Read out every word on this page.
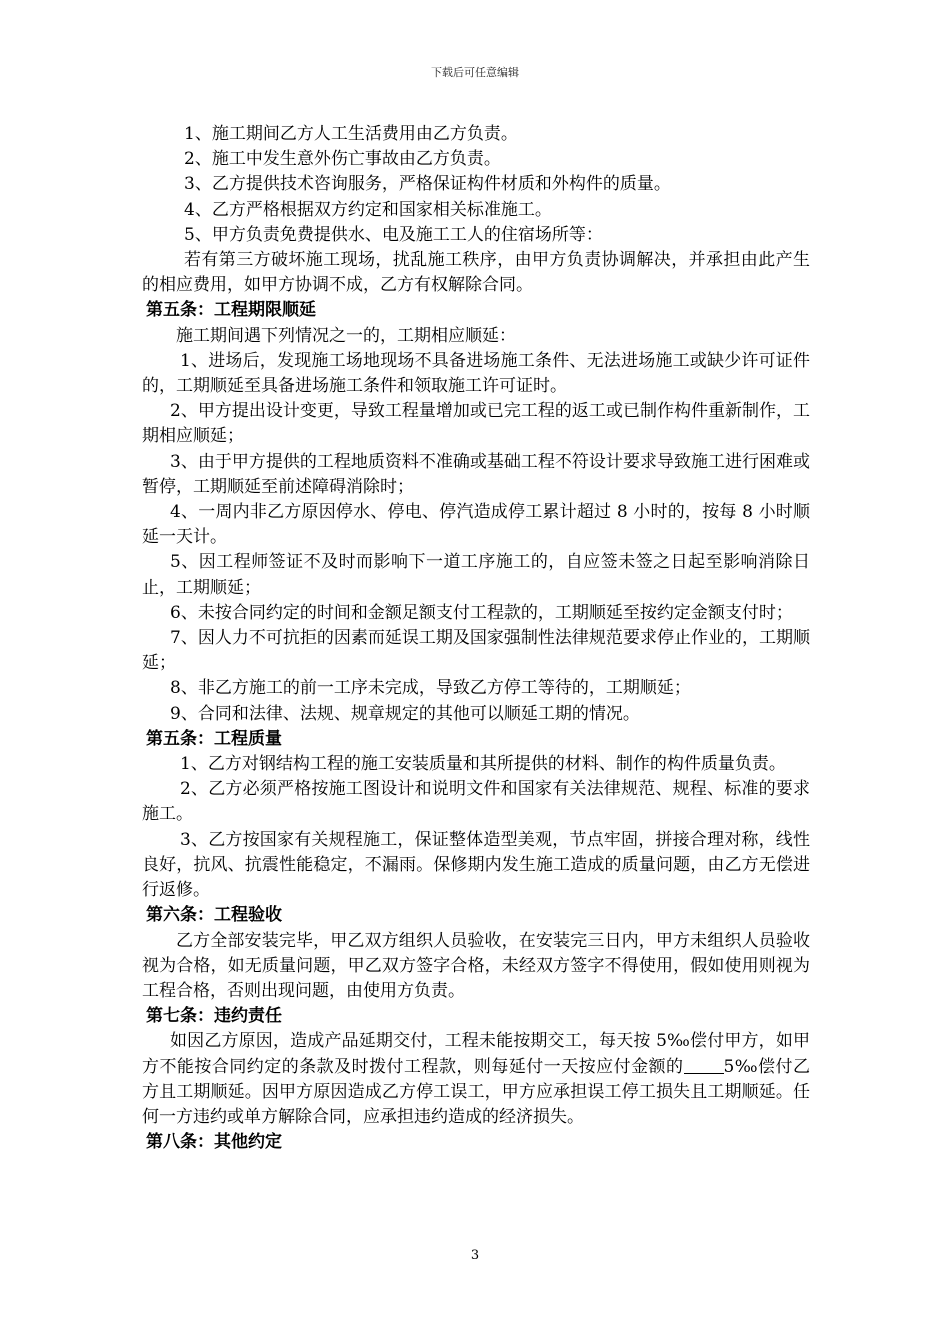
下载后可任意编辑

1、施工期间乙方人工生活费用由乙方负责。

2、施工中发生意外伤亡事故由乙方负责。

3、乙方提供技术咨询服务，严格保证构件材质和外构件的质量。

4、乙方严格根据双方约定和国家相关标准施工。

5、甲方负责免费提供水、电及施工工人的住宿场所等：

若有第三方破坏施工现场，扰乱施工秩序，由甲方负责协调解决，并承担由此产生的相应费用，如甲方协调不成，乙方有权解除合同。

第五条：工程期限顺延

施工期间遇下列情况之一的，工期相应顺延：

1、进场后，发现施工场地现场不具备进场施工条件、无法进场施工或缺少许可证件的，工期顺延至具备进场施工条件和领取施工许可证时。

2、甲方提出设计变更，导致工程量增加或已完工程的返工或已制作构件重新制作，工期相应顺延；

3、由于甲方提供的工程地质资料不准确或基础工程不符设计要求导致施工进行困难或暂停，工期顺延至前述障碍消除时；

4、一周内非乙方原因停水、停电、停汽造成停工累计超过 8 小时的，按每 8 小时顺延一天计。

5、因工程师签证不及时而影响下一道工序施工的，自应签未签之日起至影响消除日止，工期顺延；

6、未按合同约定的时间和金额足额支付工程款的，工期顺延至按约定金额支付时；

7、因人力不可抗拒的因素而延误工期及国家强制性法律规范要求停止作业的，工期顺延；

8、非乙方施工的前一工序未完成，导致乙方停工等待的，工期顺延；

9、合同和法律、法规、规章规定的其他可以顺延工期的情况。

第五条：工程质量

1、乙方对钢结构工程的施工安装质量和其所提供的材料、制作的构件质量负责。

2、乙方必须严格按施工图设计和说明文件和国家有关法律规范、规程、标准的要求施工。

3、乙方按国家有关规程施工，保证整体造型美观，节点牢固，拼接合理对称，线性良好，抗风、抗震性能稳定，不漏雨。保修期内发生施工造成的质量问题，由乙方无偿进行返修。

第六条：工程验收

乙方全部安装完毕，甲乙双方组织人员验收，在安装完三日内，甲方未组织人员验收视为合格，如无质量问题，甲乙双方签字合格，未经双方签字不得使用，假如使用则视为工程合格，否则出现问题，由使用方负责。

第七条：违约责任

如因乙方原因，造成产品延期交付，工程未能按期交工，每天按 5‰偿付甲方，如甲方不能按合同约定的条款及时拨付工程款，则每延付一天按应付金额的 5‰偿付乙方且工期顺延。因甲方原因造成乙方停工误工，甲方应承担误工停工损失且工期顺延。任何一方违约或单方解除合同，应承担违约造成的经济损失。

第八条：其他约定

3
